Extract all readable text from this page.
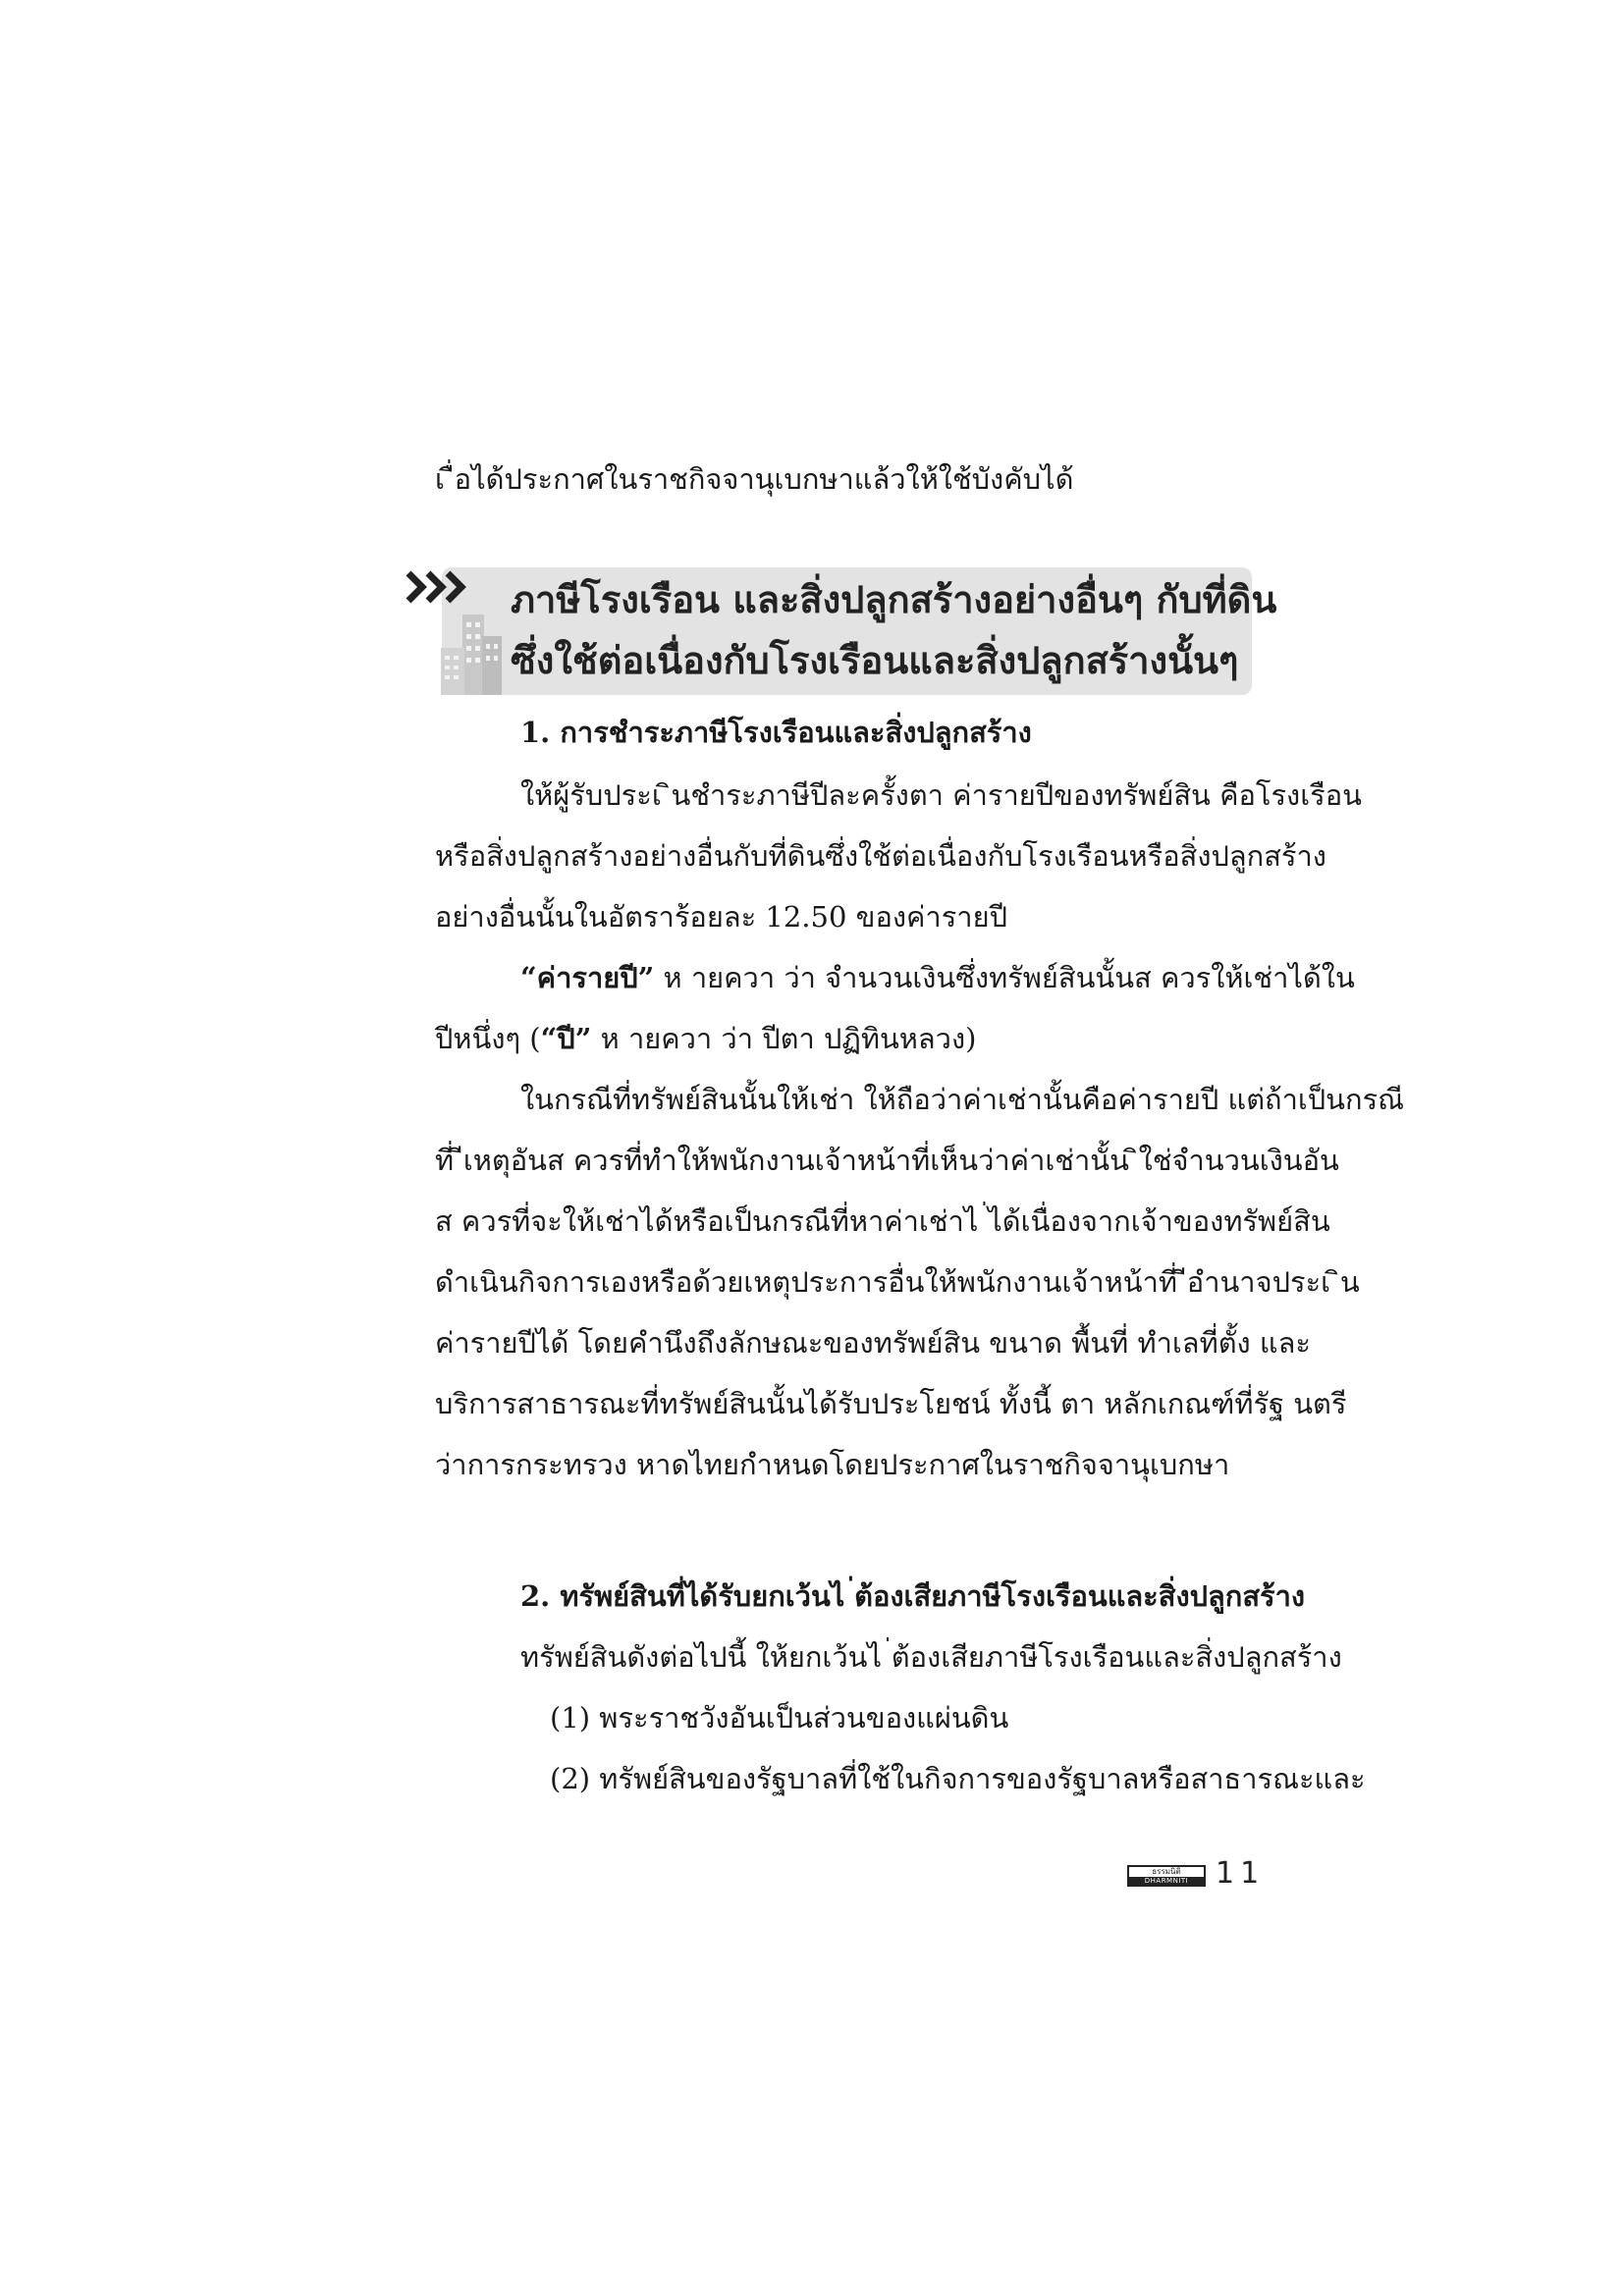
เ ื่อได้ประกาศในราชกิจจานุเบกษาแล้วให้ใช้บังคับได้
ภาษีโรงเรือน และสิ่งปลูกสร้างอย่างอื่นๆ กับที่ดิน
ซึ่งใช้ต่อเนื่องกับโรงเรือนและสิ่งปลูกสร้างนั้นๆ
1. การชำระภาษีโรงเรือนและสิ่งปลูกสร้าง
ให้ผู้รับประเ ินชำระภาษีปีละครั้งตา ค่ารายปีของทรัพย์สิน คือโรงเรือน
หรือสิ่งปลูกสร้างอย่างอื่นกับที่ดินซึ่งใช้ต่อเนื่องกับโรงเรือนหรือสิ่งปลูกสร้าง
อย่างอื่นนั้นในอัตราร้อยละ 12.50 ของค่ารายปี
“ค่ารายปี” ห ายควา ว่า จำนวนเงินซึ่งทรัพย์สินนั้นส ควรให้เช่าได้ใน
ปีหนึ่งๆ (“ปี” ห ายควา ว่า ปีตา ปฏิทินหลวง)
ในกรณีที่ทรัพย์สินนั้นให้เช่า ให้ถือว่าค่าเช่านั้นคือค่ารายปี แต่ถ้าเป็นกรณี
ที่ ีเหตุอันส ควรที่ทำให้พนักงานเจ้าหน้าที่เห็นว่าค่าเช่านั้น ิใช่จำนวนเงินอัน
ส ควรที่จะให้เช่าได้หรือเป็นกรณีที่หาค่าเช่าไ ่ได้เนื่องจากเจ้าของทรัพย์สิน
ดำเนินกิจการเองหรือด้วยเหตุประการอื่นให้พนักงานเจ้าหน้าที่ ีอำนาจประเ ิน
ค่ารายปีได้ โดยคำนึงถึงลักษณะของทรัพย์สิน ขนาด พื้นที่ ทำเลที่ตั้ง และ
บริการสาธารณะที่ทรัพย์สินนั้นได้รับประโยชน์ ทั้งนี้ ตา หลักเกณฑ์ที่รัฐ นตรี
ว่าการกระทรวง หาดไทยกำหนดโดยประกาศในราชกิจจานุเบกษา
2. ทรัพย์สินที่ได้รับยกเว้นไ ่ต้องเสียภาษีโรงเรือนและสิ่งปลูกสร้าง
ทรัพย์สินดังต่อไปนี้ ให้ยกเว้นไ ่ต้องเสียภาษีโรงเรือนและสิ่งปลูกสร้าง
(1) พระราชวังอันเป็นส่วนของแผ่นดิน
(2) ทรัพย์สินของรัฐบาลที่ใช้ในกิจการของรัฐบาลหรือสาธารณะและ
ธรรมนิติ
DHARMNITI 11
